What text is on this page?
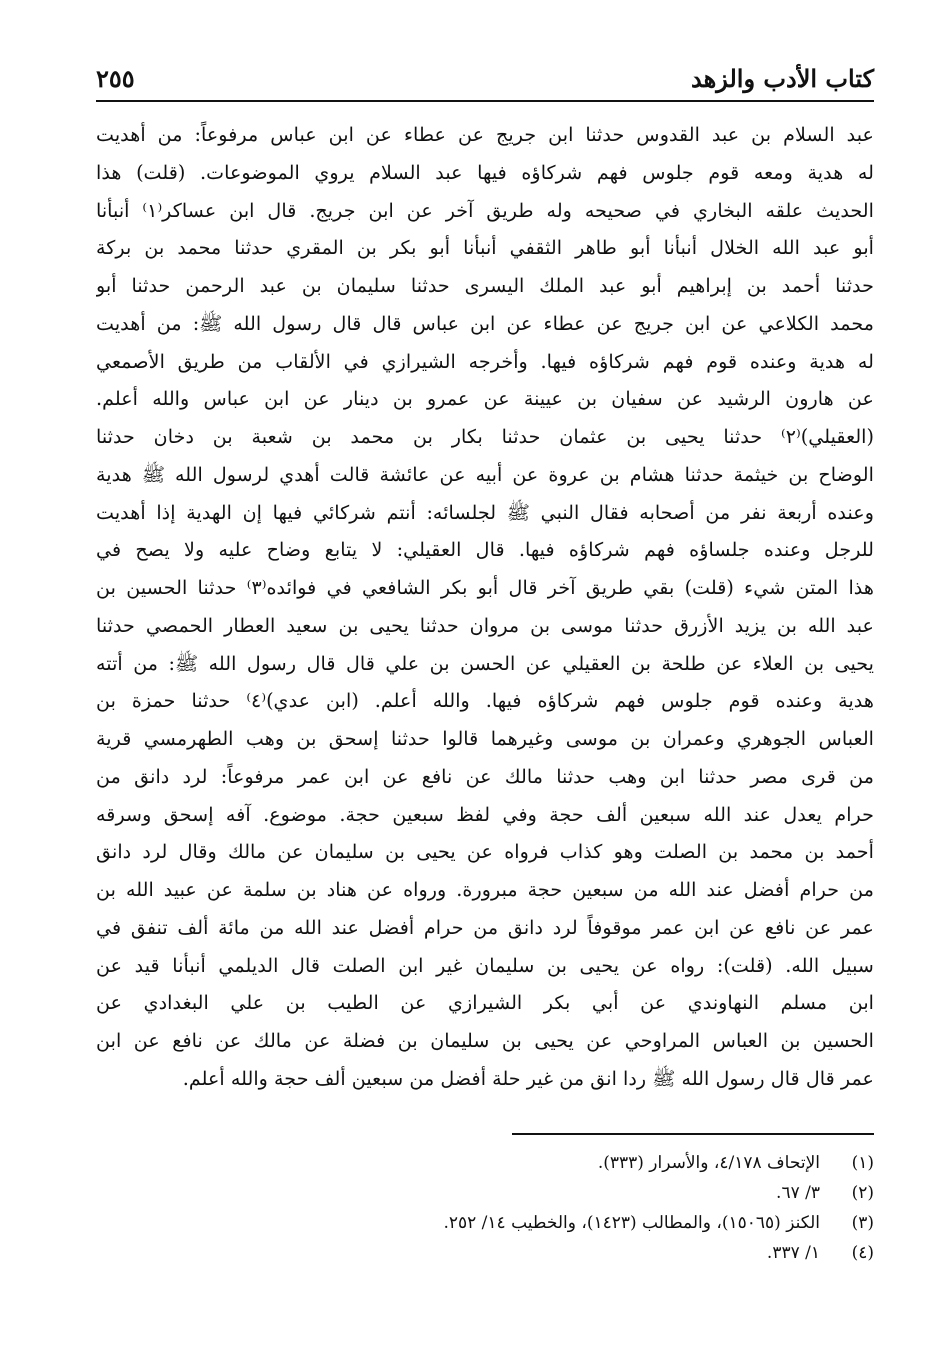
كتاب الأدب والزهد
٢٥٥
عبد السلام بن عبد القدوس حدثنا ابن جريج عن عطاء عن ابن عباس مرفوعاً: من أهديت
له هدية ومعه قوم جلوس فهم شركاؤه فيها عبد السلام يروي الموضوعات. (قلت) هذا
الحديث علقه البخاري في صحيحه وله طريق آخر عن ابن جريج. قال ابن عساكر⁽١⁾ أنبأنا
أبو عبد الله الخلال أنبأنا أبو طاهر الثقفي أنبأنا أبو بكر بن المقري حدثنا محمد بن بركة
حدثنا أحمد بن إبراهيم أبو عبد الملك اليسرى حدثنا سليمان بن عبد الرحمن حدثنا أبو
محمد الكلاعي عن ابن جريج عن عطاء عن ابن عباس قال قال رسول الله ﷺ: من أهديت
له هدية وعنده قوم فهم شركاؤه فيها. وأخرجه الشيرازي في الألقاب من طريق الأصمعي
عن هارون الرشيد عن سفيان بن عيينة عن عمرو بن دينار عن ابن عباس والله أعلم.
(العقيلي)⁽٢⁾ حدثنا يحيى بن عثمان حدثنا بكار بن محمد بن شعبة بن دخان حدثنا
الوضاح بن خيثمة حدثنا هشام بن عروة عن أبيه عن عائشة قالت أهدي لرسول الله ﷺ هدية
وعنده أربعة نفر من أصحابه فقال النبي ﷺ لجلسائه: أنتم شركائي فيها إن الهدية إذا أهديت
للرجل وعنده جلساؤه فهم شركاؤه فيها. قال العقيلي: لا يتابع وضاح عليه ولا يصح في
هذا المتن شيء (قلت) بقي طريق آخر قال أبو بكر الشافعي في فوائده⁽٣⁾ حدثنا الحسين بن
عبد الله بن يزيد الأزرق حدثنا موسى بن مروان حدثنا يحيى بن سعيد العطار الحمصي حدثنا
يحيى بن العلاء عن طلحة بن العقيلي عن الحسن بن علي قال قال رسول الله ﷺ: من أتته
هدية وعنده قوم جلوس فهم شركاؤه فيها. والله أعلم. (ابن عدي)⁽٤⁾ حدثنا حمزة بن
العباس الجوهري وعمران بن موسى وغيرهما قالوا حدثنا إسحق بن وهب الطهرمسي قرية
من قرى مصر حدثنا ابن وهب حدثنا مالك عن نافع عن ابن عمر مرفوعاً: لرد دانق من
حرام يعدل عند الله سبعين ألف حجة وفي لفظ سبعين حجة. موضوع. آفه إسحق وسرقه
أحمد بن محمد بن الصلت وهو كذاب فرواه عن يحيى بن سليمان عن مالك وقال لرد دانق
من حرام أفضل عند الله من سبعين حجة مبرورة. ورواه عن هناد بن سلمة عن عبيد الله بن
عمر عن نافع عن ابن عمر موقوفاً لرد دانق من حرام أفضل عند الله من مائة ألف تنفق في
سبيل الله. (قلت): رواه عن يحيى بن سليمان غير ابن الصلت قال الديلمي أنبأنا قيد عن
ابن مسلم النهاوندي عن أبي بكر الشيرازي عن الطيب بن علي البغدادي عن
الحسين بن العباس المراوحي عن يحيى بن سليمان بن فضلة عن مالك عن نافع عن ابن
عمر قال قال رسول الله ﷺ ردا انق من غير حلة أفضل من سبعين ألف حجة والله أعلم.
(١)
الإتحاف ٤/١٧٨، والأسرار (٣٣٣).
(٢)
٣/ ٦٧.
(٣)
الكنز (١٥٠٦٥)، والمطالب (١٤٢٣)، والخطيب ١٤/ ٢٥٢.
(٤)
١/ ٣٣٧.
